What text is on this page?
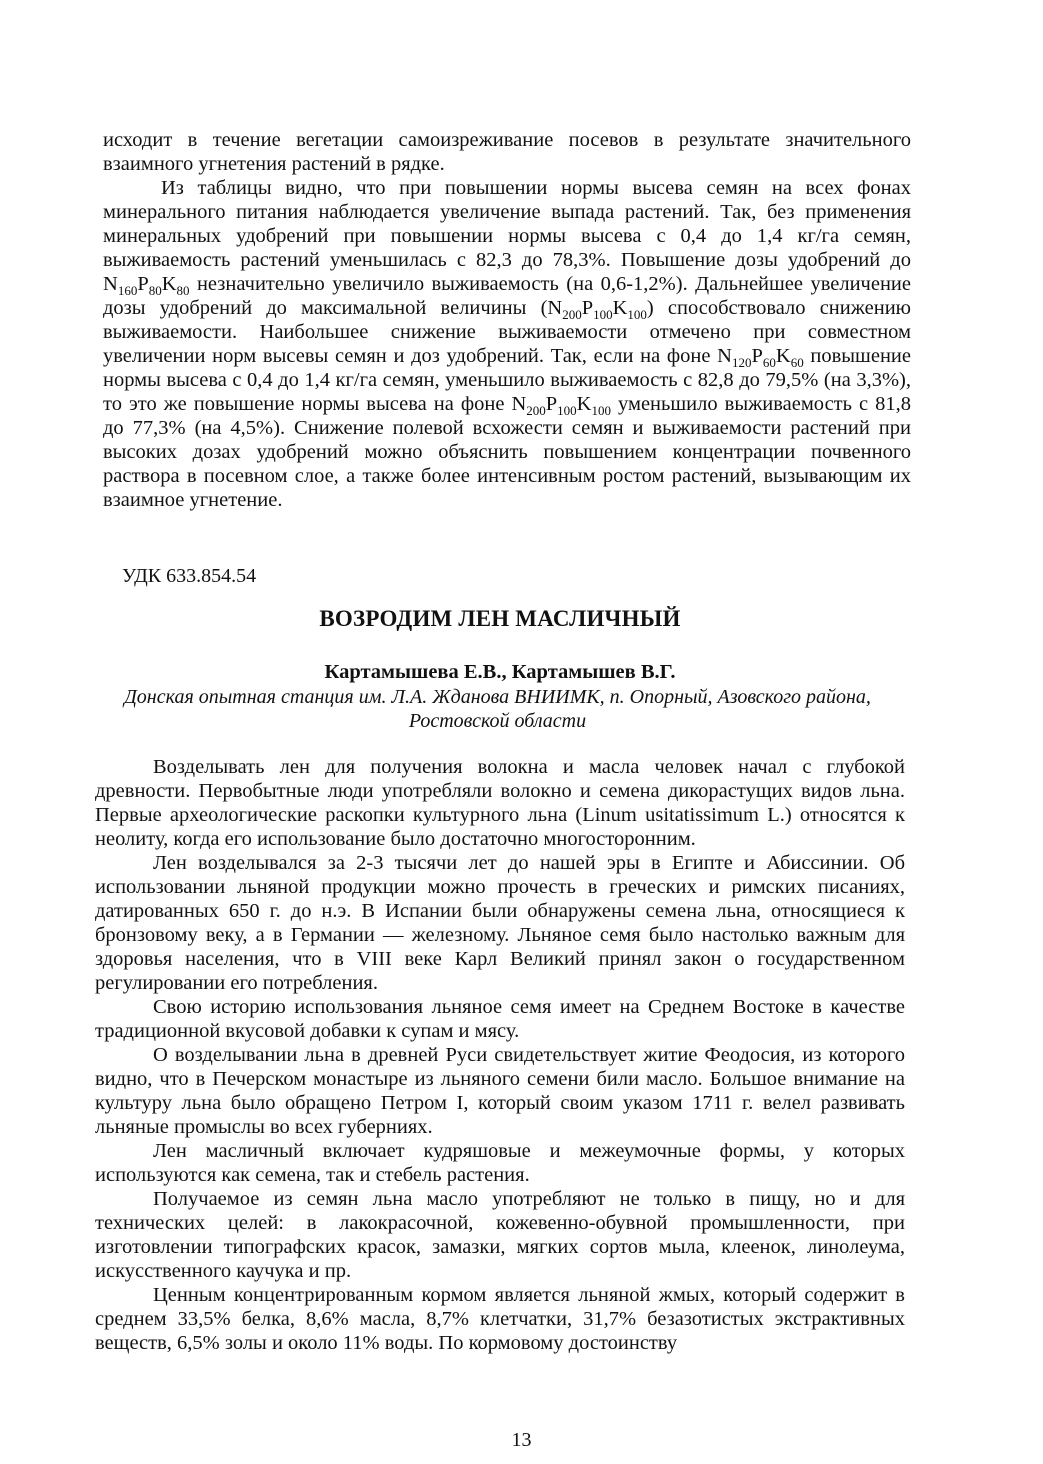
исходит в течение вегетации самоизреживание посевов в результате значительного взаимного угнетения растений в рядке.

Из таблицы видно, что при повышении нормы высева семян на всех фонах минерального питания наблюдается увеличение выпада растений. Так, без применения минеральных удобрений при повышении нормы высева с 0,4 до 1,4 кг/га семян, выживаемость растений уменьшилась с 82,3 до 78,3%. Повышение дозы удобрений до $N_{160}P_{80}K_{80}$ незначительно увеличило выживаемость (на 0,6-1,2%). Дальнейшее увеличение дозы удобрений до максимальной величины $(N_{200}P_{100}K_{100})$ способствовало снижению выживаемости. Наибольшее снижение выживаемости отмечено при совместном увеличении норм высевы семян и доз удобрений. Так, если на фоне $N_{120}P_{60}K_{60}$ повышение нормы высева с 0,4 до 1,4 кг/га семян, уменьшило выживаемость с 82,8 до 79,5% (на 3,3%), то это же повышение нормы высева на фоне $N_{200}P_{100}K_{100}$ уменьшило выживаемость с 81,8 до 77,3% (на 4,5%). Снижение полевой всхожести семян и выживаемости растений при высоких дозах удобрений можно объяснить повышением концентрации почвенного раствора в посевном слое, а также более интенсивным ростом растений, вызывающим их взаимное угнетение.

УДК 633.854.54
ВОЗРОДИМ ЛЕН МАСЛИЧНЫЙ
Картамышева Е.В., Картамышев В.Г.
Донская опытная станция им. Л.А. Жданова ВНИИМК, п. Опорный, Азовского района, Ростовской области

Возделывать лен для получения волокна и масла человек начал с глубокой древности. Первобытные люди употребляли волокно и семена дикорастущих видов льна. Первые археологические раскопки культурного льна (Linum usitatissimum L.) относятся к неолиту, когда его использование было достаточно многосторонним.

Лен возделывался за 2-3 тысячи лет до нашей эры в Египте и Абиссинии. Об использовании льняной продукции можно прочесть в греческих и римских писаниях, датированных 650 г. до н.э. В Испании были обнаружены семена льна, относящиеся к бронзовому веку, а в Германии — железному. Льняное семя было настолько важным для здоровья населения, что в VIII веке Карл Великий принял закон о государственном регулировании его потребления.

Свою историю использования льняное семя имеет на Среднем Востоке в качестве традиционной вкусовой добавки к супам и мясу.

О возделывании льна в древней Руси свидетельствует житие Феодосия, из которого видно, что в Печерском монастыре из льняного семени били масло. Большое внимание на культуру льна было обращено Петром I, который своим указом 1711 г. велел развивать льняные промыслы во всех губерниях.

Лен масличный включает кудряшовые и межеумочные формы, у которых используются как семена, так и стебель растения.

Получаемое из семян льна масло употребляют не только в пищу, но и для технических целей: в лакокрасочной, кожевенно-обувной промышленности, при изготовлении типографских красок, замазки, мягких сортов мыла, клеенок, линолеума, искусственного каучука и пр.

Ценным концентрированным кормом является льняной жмых, который содержит в среднем 33,5% белка, 8,6% масла, 8,7% клетчатки, 31,7% безазотистых экстрактивных веществ, 6,5% золы и около 11% воды. По кормовому достоинству

13
